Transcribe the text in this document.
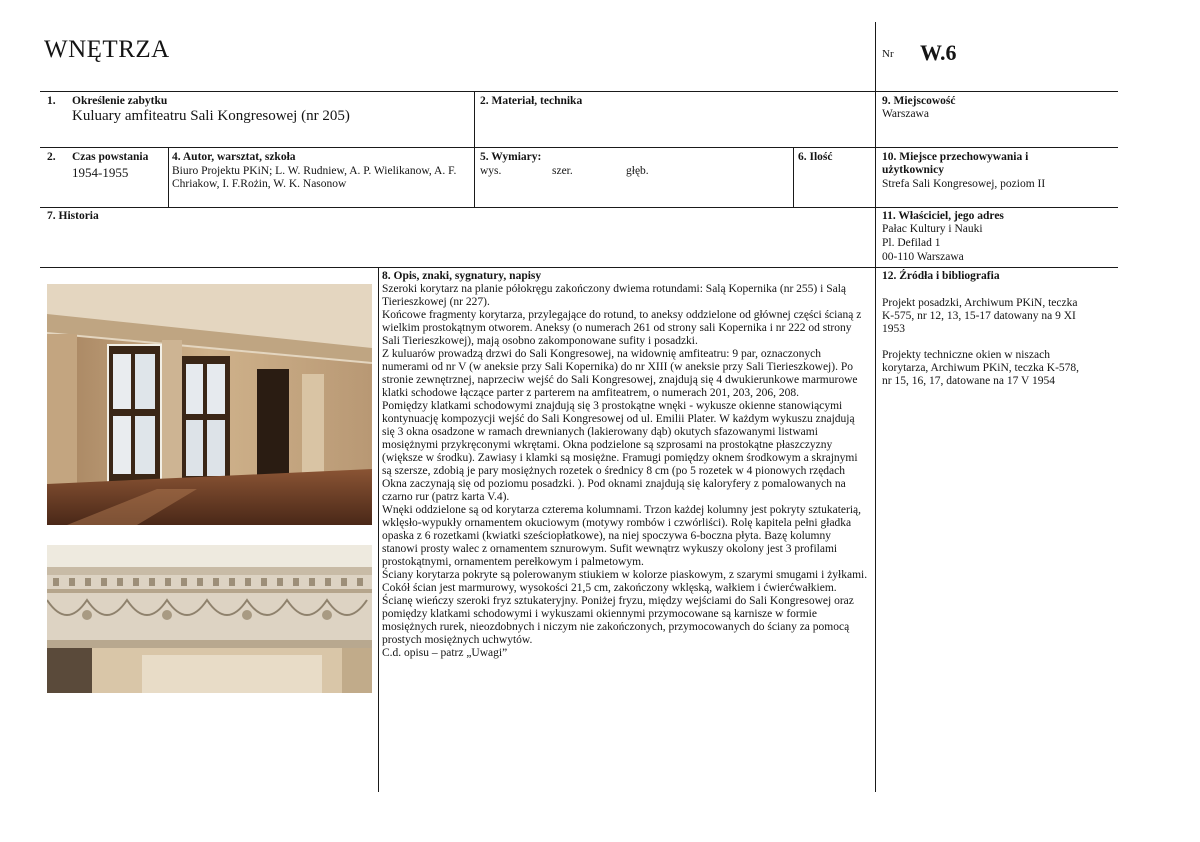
WNĘTRZA	Nr W.6
1. Określenie zabytku
Kuluary amfiteatru Sali Kongresowej (nr 205)
2. Materiał, technika	9. Miejscowość
Warszawa
2. Czas powstania
1954-1955
4. Autor, warsztat, szkoła
Biuro Projektu PKiN; L. W. Rudniew, A. P. Wielikanow, A. F. Chriakow, I. F.Rożin, W. K. Nasonow
5. Wymiary:
wys.	szer.	głęb.
6. Ilość	10. Miejsce przechowywania i użytkownicy
Strefa Sali Kongresowej, poziom II
7. Historia	11. Właściciel, jego adres
Pałac Kultury i Nauki
Pl. Defilad 1
00-110 Warszawa
8. Opis, znaki, sygnatury, napisy

Szeroki korytarz na planie półokręgu zakończony dwiema rotundami: Salą Kopernika (nr 255) i Salą Tierieszkowej (nr 227).

Końcowe fragmenty korytarza, przylegające do rotund, to aneksy oddzielone od głównej części ścianą z wielkim prostokątnym otworem. Aneksy (o numerach 261 od strony sali Kopernika i nr 222 od strony Sali Tierieszkowej), mają osobno zakomponowane sufity i posadzki.

Z kuluarów prowadzą drzwi do Sali Kongresowej, na widownię amfiteatru: 9 par, oznaczonych numerami od nr V (w aneksie przy Sali Kopernika) do nr XIII (w aneksie przy Sali Tierieszkowej). Po stronie zewnętrznej, naprzeciw wejść do Sali Kongresowej, znajdują się 4 dwukierunkowe marmurowe klatki schodowe łączące parter z parterem na amfiteatrem, o numerach 201, 203, 206, 208.

Pomiędzy klatkami schodowymi znajdują się 3 prostokątne wnęki - wykusze okienne stanowiącymi kontynuację kompozycji wejść do Sali Kongresowej od ul. Emilii Plater. W każdym wykuszu znajdują się 3 okna osadzone w ramach drewnianych (lakierowany dąb) okutych sfazowanymi listwami mosiężnymi przykręconymi wkrętami. Okna podzielone są szprosami na prostokątne płaszczyzny (większe w środku). Zawiasy i klamki są mosiężne. Framugi pomiędzy oknem środkowym a skrajnymi są szersze, zdobią je pary mosiężnych rozetek o średnicy 8 cm (po 5 rozetek w 4 pionowych rzędach Okna zaczynają się od poziomu posadzki. ). Pod oknami znajdują się kaloryfery z pomalowanych na czarno rur (patrz karta V.4).

Wnęki oddzielone są od korytarza czterema kolumnami. Trzon każdej kolumny jest pokryty sztukaterią, wklęsło-wypukły ornamentem okuciowym (motywy rombów i czwórliści). Rolę kapitela pełni gładka opaska z 6 rozetkami (kwiatki sześciopłatkowe), na niej spoczywa 6-boczna płyta. Bazę kolumny stanowi prosty walec z ornamentem sznurowym. Sufit wewnątrz wykuszy okolony jest 3 profilami prostokątnymi, ornamentem perełkowym i palmetowym.

Ściany korytarza pokryte są polerowanym stiukiem w kolorze piaskowym, z szarymi smugami i żyłkami. Cokół ścian jest marmurowy, wysokości 21,5 cm, zakończony wklęską, wałkiem i ćwierćwałkiem. Ścianę wieńczy szeroki fryz sztukateryjny. Poniżej fryzu, między wejściami do Sali Kongresowej oraz pomiędzy klatkami schodowymi i wykuszami okiennymi przymocowane są karnisze w formie mosiężnych rurek, nieozdobnych i niczym nie zakończonych, przymocowanych do ściany za pomocą prostych mosiężnych uchwytów.

C.d. opisu – patrz „Uwagi”

12. Źródła i bibliografia

Projekt posadzki, Archiwum PKiN, teczka K-575, nr 12, 13, 15-17 datowany na 9 XI 1953

Projekty techniczne okien w niszach korytarza, Archiwum PKiN, teczka K-578, nr 15, 16, 17, datowane na 17 V 1954
